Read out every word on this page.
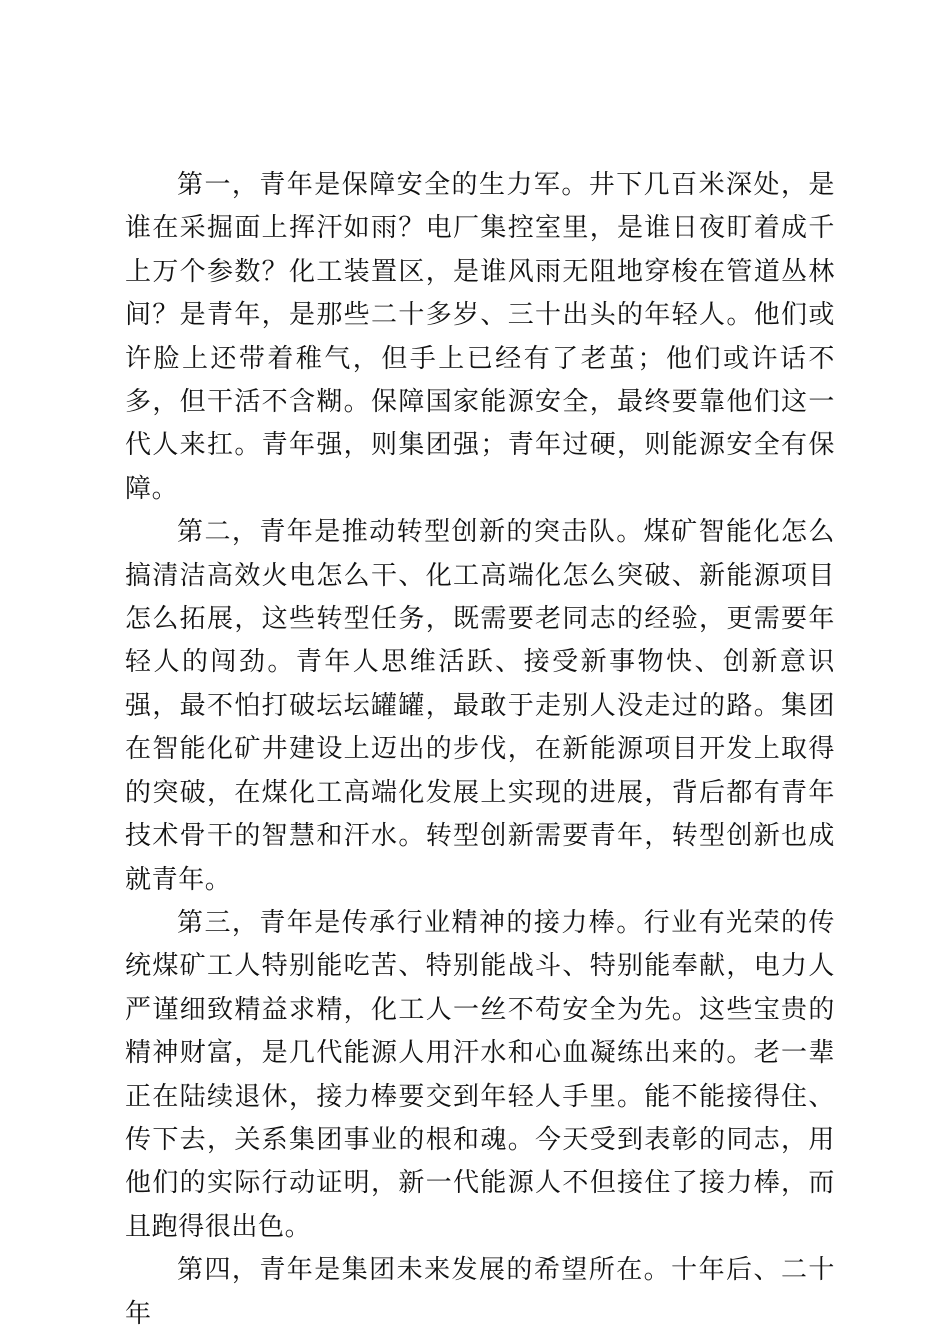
第一，青年是保障安全的生力军。井下几百米深处，是谁在采掘面上挥汗如雨？电厂集控室里，是谁日夜盯着成千上万个参数？化工装置区，是谁风雨无阻地穿梭在管道丛林间？是青年，是那些二十多岁、三十出头的年轻人。他们或许脸上还带着稚气，但手上已经有了老茧；他们或许话不多，但干活不含糊。保障国家能源安全，最终要靠他们这一代人来扛。青年强，则集团强；青年过硬，则能源安全有保障。

第二，青年是推动转型创新的突击队。煤矿智能化怎么搞清洁高效火电怎么干、化工高端化怎么突破、新能源项目怎么拓展，这些转型任务，既需要老同志的经验，更需要年轻人的闯劲。青年人思维活跃、接受新事物快、创新意识强，最不怕打破坛坛罐罐，最敢于走别人没走过的路。集团在智能化矿井建设上迈出的步伐，在新能源项目开发上取得的突破，在煤化工高端化发展上实现的进展，背后都有青年技术骨干的智慧和汗水。转型创新需要青年，转型创新也成就青年。

第三，青年是传承行业精神的接力棒。行业有光荣的传统煤矿工人特别能吃苦、特别能战斗、特别能奉献，电力人严谨细致精益求精，化工人一丝不苟安全为先。这些宝贵的精神财富，是几代能源人用汗水和心血凝练出来的。老一辈正在陆续退休，接力棒要交到年轻人手里。能不能接得住、传下去，关系集团事业的根和魂。今天受到表彰的同志，用他们的实际行动证明，新一代能源人不但接住了接力棒，而且跑得很出色。

第四，青年是集团未来发展的希望所在。十年后、二十年
